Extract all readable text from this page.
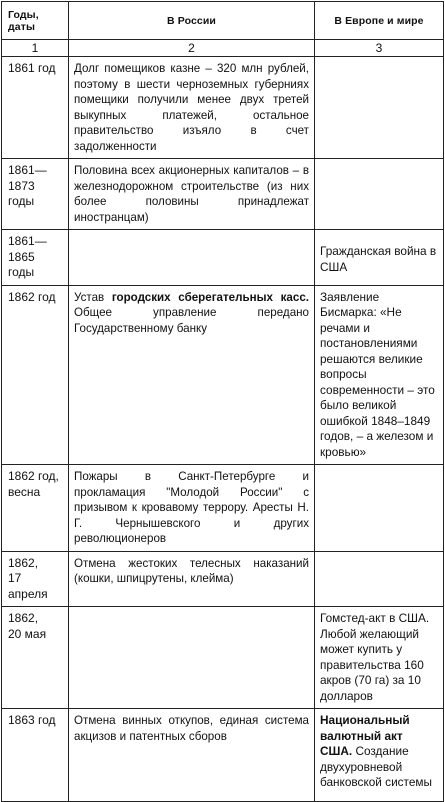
Годы, даты	В России	В Европе и мире
1	2	3

1861 год	Долг помещиков казне – 320 млн рублей, поэтому в шести черноземных губерниях помещики получили менее двух третей выкупных платежей, остальное правительство изъяло в счет задолженности	

1861—
1873 годы	Половина всех акционерных капиталов – в железнодорожном строительстве (из них более половины принадлежат иностранцам)	

1861—
1865 годы		Гражданская война в США

1862 год	Устав городских сберегательных касс. Общее управление передано Государственному банку	Заявление Бисмарка: «Не речами и постановлениями решаются великие вопросы современности – это было великой ошибкой 1848–1849 годов, – а железом и кровью»

1862 год,
весна	Пожары в Санкт-Петербурге и прокламация "Молодой России" с призывом к кровавому террору. Аресты Н. Г. Чернышевского и других революционеров	

1862,
17 апреля	Отмена жестоких телесных наказаний (кошки, шпицрутены, клейма)	

1862,
20 мая		Гомстед-акт в США. Любой желающий может купить у правительства 160 акров (70 га) за 10 долларов

1863 год	Отмена винных откупов, единая система акцизов и патентных сборов	Национальный валютный акт США. Создание двухуровневой банковской системы
